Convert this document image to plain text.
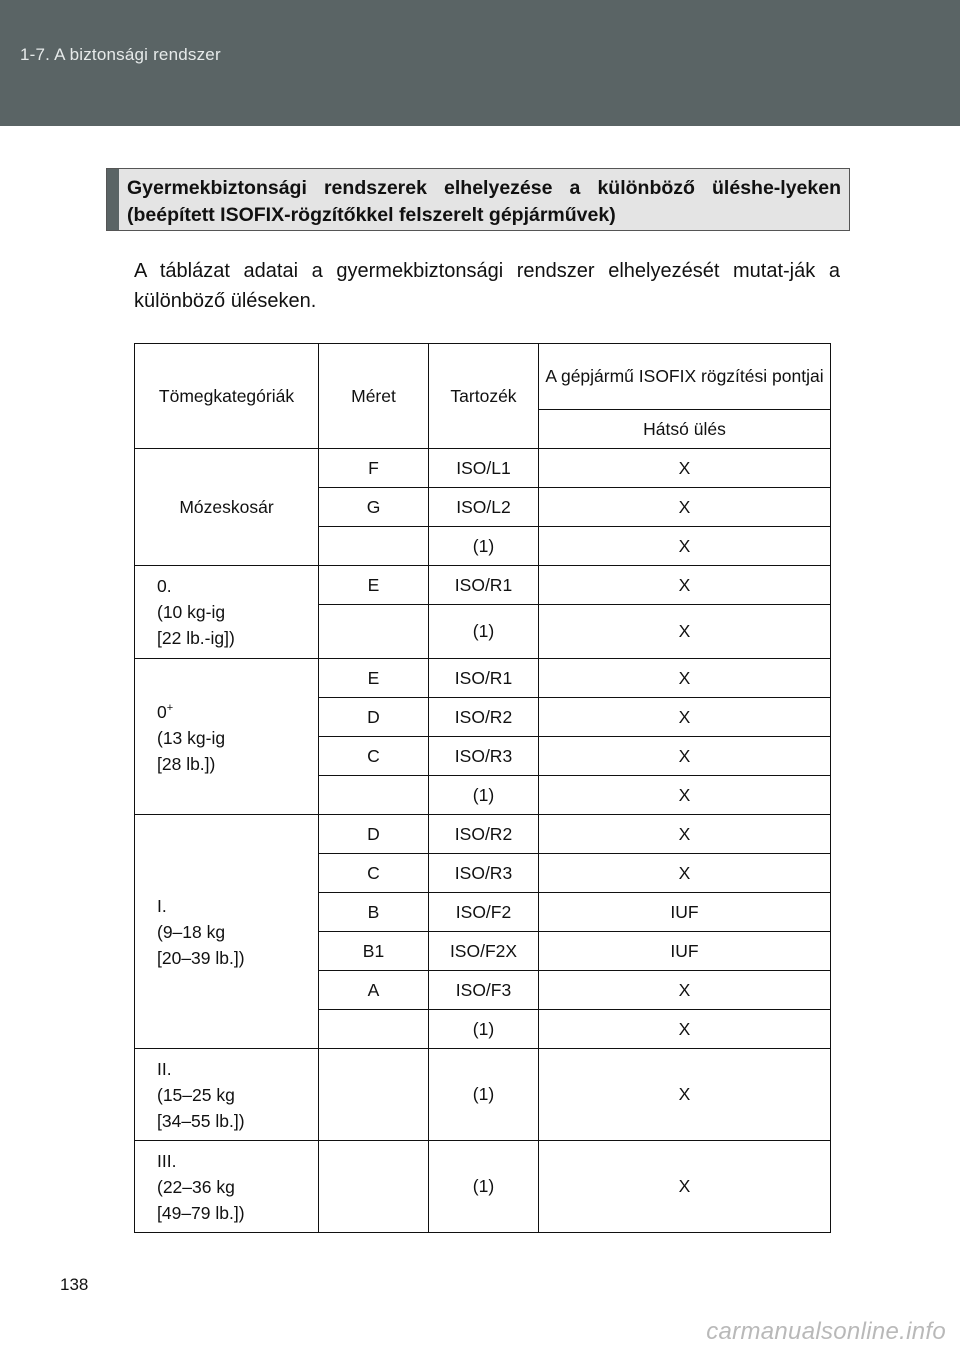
1-7. A biztonsági rendszer
Gyermekbiztonsági rendszerek elhelyezése a különböző üléshe-lyeken (beépített ISOFIX-rögzítőkkel felszerelt gépjárművek)
A táblázat adatai a gyermekbiztonsági rendszer elhelyezését mutat-ják a különböző üléseken.
Tömegkategóriák	Méret	Tartozék	A gépjármű ISOFIX rögzítési pontjai
			Hátsó ülés
Mózeskosár	F	ISO/L1	X
	G	ISO/L2	X
		(1)	X
0.
(10 kg-ig
[22 lb.-ig])	E	ISO/R1	X
		(1)	X
0+
(13 kg-ig
[28 lb.])	E	ISO/R1	X
	D	ISO/R2	X
	C	ISO/R3	X
		(1)	X
I.
(9–18 kg
[20–39 lb.])	D	ISO/R2	X
	C	ISO/R3	X
	B	ISO/F2	IUF
	B1	ISO/F2X	IUF
	A	ISO/F3	X
		(1)	X
II.
(15–25 kg
[34–55 lb.])		(1)	X
III.
(22–36 kg
[49–79 lb.])		(1)	X
138
carmanualsonline.info
